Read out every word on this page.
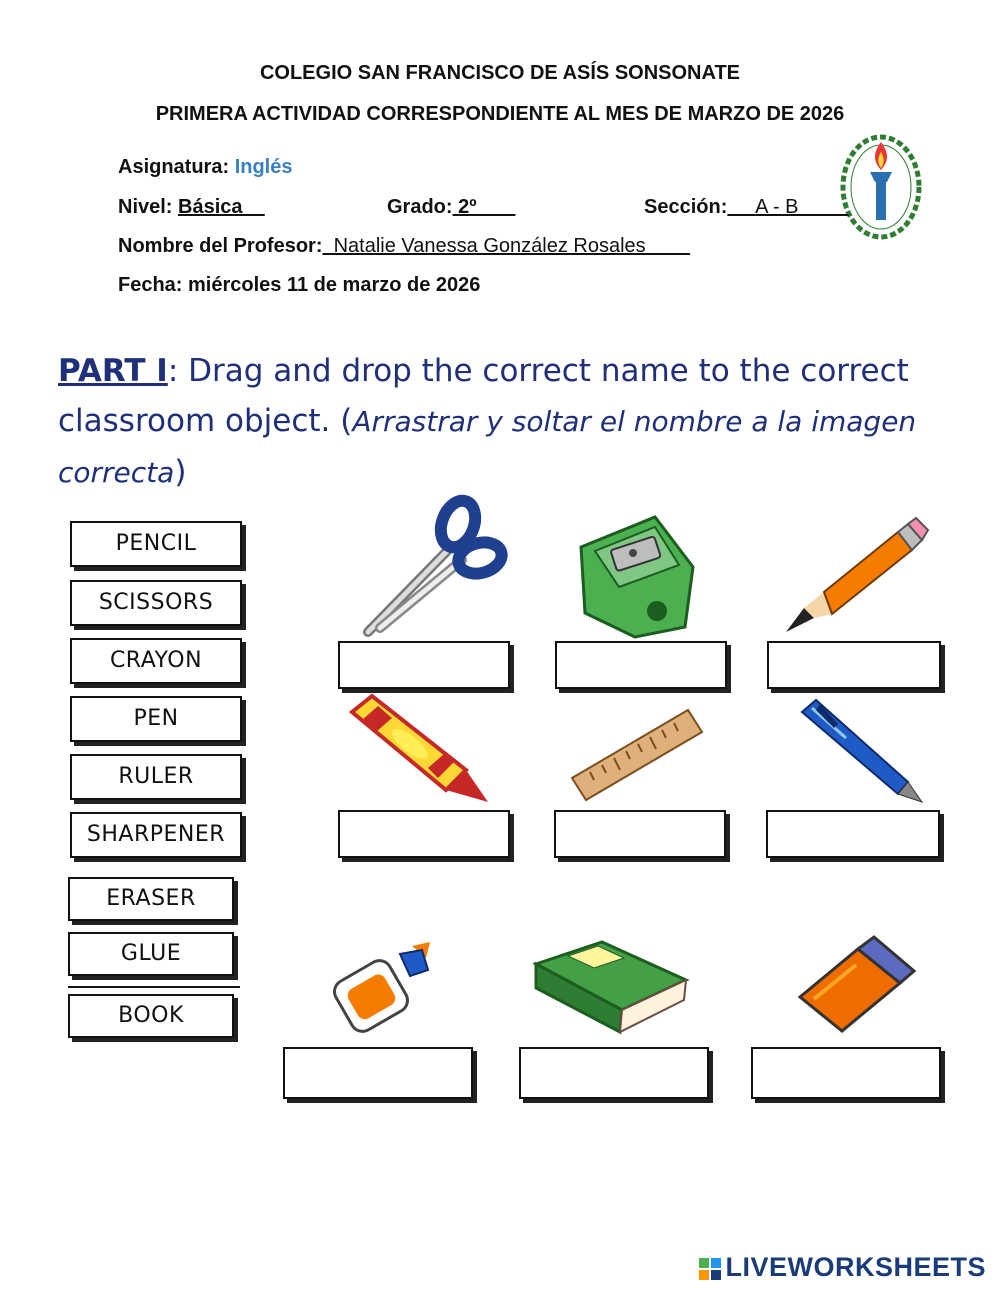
COLEGIO SAN FRANCISCO DE ASÍS SONSONATE
PRIMERA ACTIVIDAD CORRESPONDIENTE AL MES DE MARZO DE 2026
Asignatura: Inglés
Nivel: Básica	Grado: 2º	Sección: A - B
Nombre del Profesor: Natalie Vanessa González Rosales
Fecha: miércoles 11 de marzo de 2026
PART I: Drag and drop the correct name to the correct classroom object. (Arrastrar y soltar el nombre a la imagen correcta)
PENCIL
SCISSORS
CRAYON
PEN
RULER
SHARPENER
ERASER
GLUE
BOOK
LIVEWORKSHEETS
